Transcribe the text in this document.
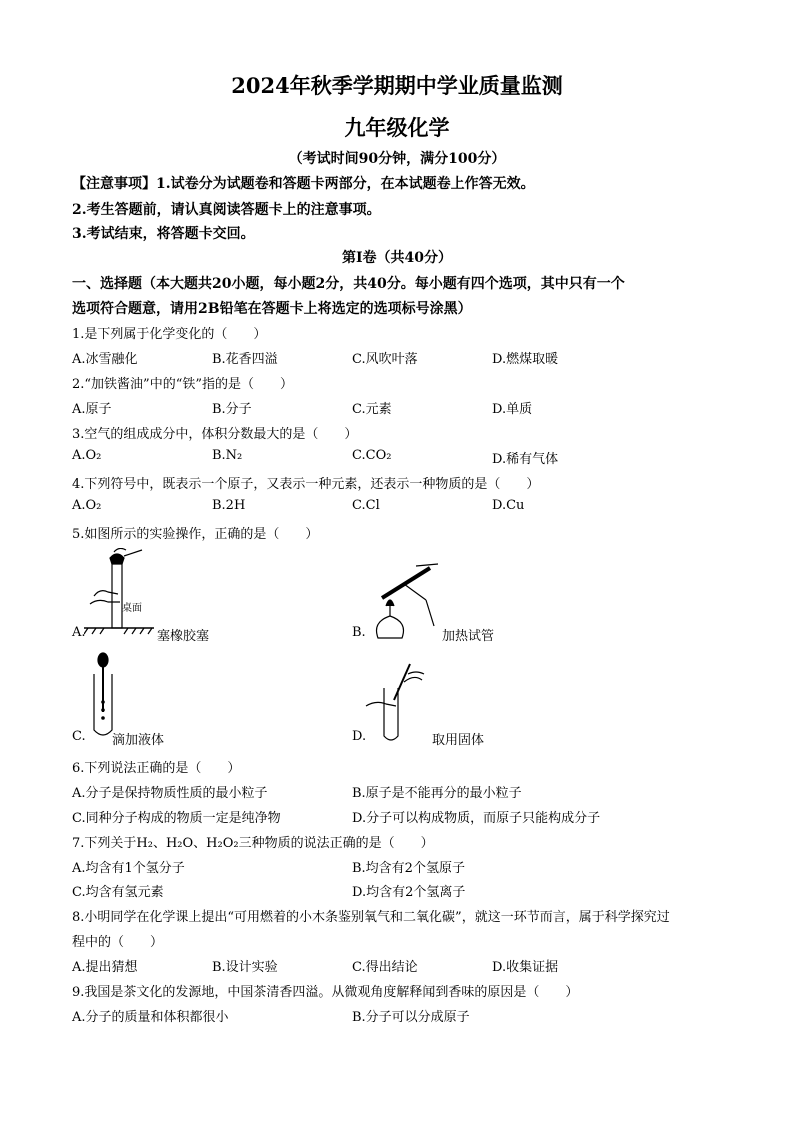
2024年秋季学期期中学业质量监测
九年级化学
（考试时间90分钟，满分100分）
【注意事项】1.试卷分为试题卷和答题卡两部分，在本试题卷上作答无效。
2.考生答题前，请认真阅读答题卡上的注意事项。
3.考试结束，将答题卡交回。
第Ⅰ卷（共40分）
一、选择题（本大题共20小题，每小题2分，共40分。每小题有四个选项，其中只有一个
选项符合题意，请用2B铅笔在答题卡上将选定的选项标号涂黑）
1.是下列属于化学变化的（　　）
A.冰雪融化	B.花香四溢	C.风吹叶落	D.燃煤取暖
2.“加铁酱油”中的“铁”指的是（　　）
A.原子	B.分子	C.元素	D.单质
3.空气的组成成分中，体积分数最大的是（　　）
A.O₂	B.N₂	C.CO₂	D.稀有气体
4.下列符号中，既表示一个原子，又表示一种元素，还表示一种物质的是（　　）
A.O₂	B.2H	C.Cl	D.Cu
5.如图所示的实验操作，正确的是（　　）
桌面
A.	塞橡胶塞	B.	加热试管
C. 滴加液体	D.	取用固体
6.下列说法正确的是（　　）
A.分子是保持物质性质的最小粒子	B.原子是不能再分的最小粒子
C.同种分子构成的物质一定是纯净物	D.分子可以构成物质，而原子只能构成分子
7.下列关于H₂、H₂O、H₂O₂三种物质的说法正确的是（　　）
A.均含有1个氢分子	B.均含有2个氢原子
C.均含有氢元素	D.均含有2个氢离子
8.小明同学在化学课上提出“可用燃着的小木条鉴别氧气和二氧化碳”，就这一环节而言，属于科学探究过
程中的（　　）
A.提出猜想	B.设计实验	C.得出结论	D.收集证据
9.我国是茶文化的发源地，中国茶清香四溢。从微观角度解释闻到香味的原因是（　　）
A.分子的质量和体积都很小	B.分子可以分成原子
